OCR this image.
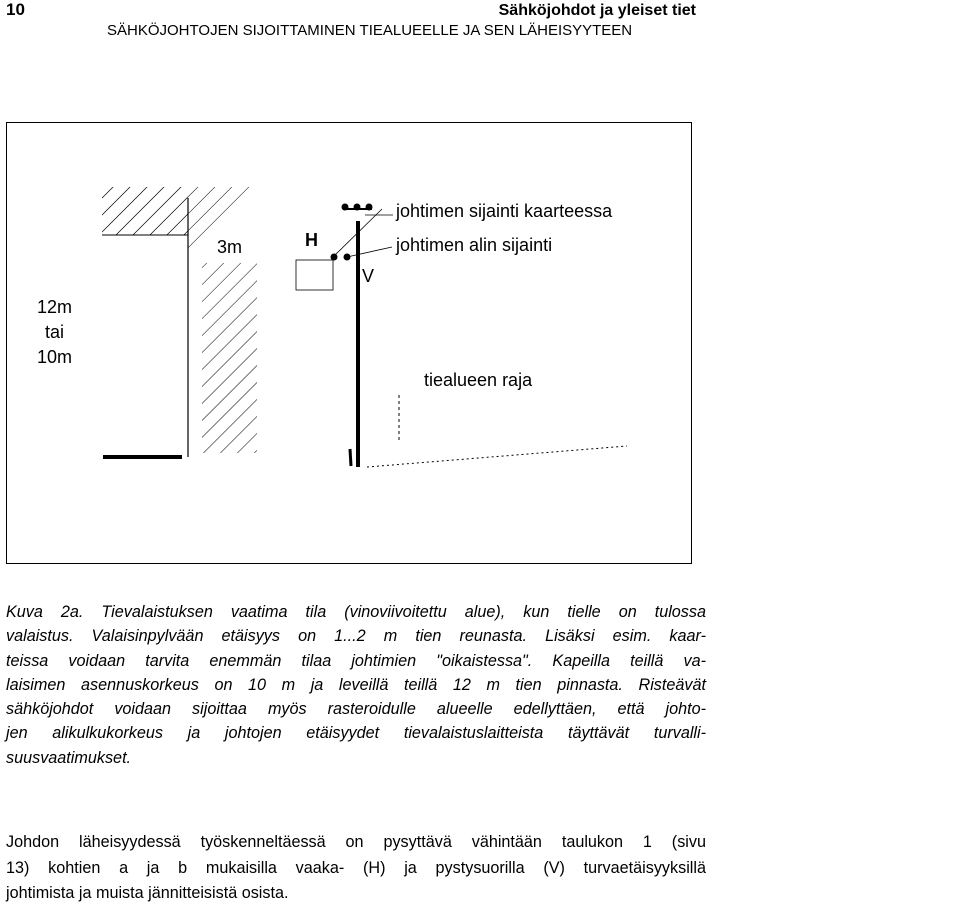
10	Sähköjohdot ja yleiset tiet
SÄHKÖJOHTOJEN SIJOITTAMINEN TIEALUEELLE JA SEN LÄHEISYYTEEN
12m
tai
10m
3m	H
V
johtimen sijainti kaarteessa
johtimen alin sijainti
tiealueen raja
Kuva 2a. Tievalaistuksen vaatima tila (vinoviivoitettu alue), kun tielle on tulossa
valaistus. Valaisinpylvään etäisyys on 1...2 m tien reunasta. Lisäksi esim. kaar-
teissa voidaan tarvita enemmän tilaa johtimien "oikaistessa". Kapeilla teillä va-
laisimen asennuskorkeus on 10 m ja leveillä teillä 12 m tien pinnasta. Risteävät
sähköjohdot voidaan sijoittaa myös rasteroidulle alueelle edellyttäen, että johto-
jen alikulkukorkeus ja johtojen etäisyydet tievalaistuslaitteista täyttävät turvalli-
suusvaatimukset.
Johdon läheisyydessä työskenneltäessä on pysyttävä vähintään taulukon 1 (sivu
13) kohtien a ja b mukaisilla vaaka- (H) ja pystysuorilla (V) turvaetäisyyksillä
johtimista ja muista jännitteisistä osista.
